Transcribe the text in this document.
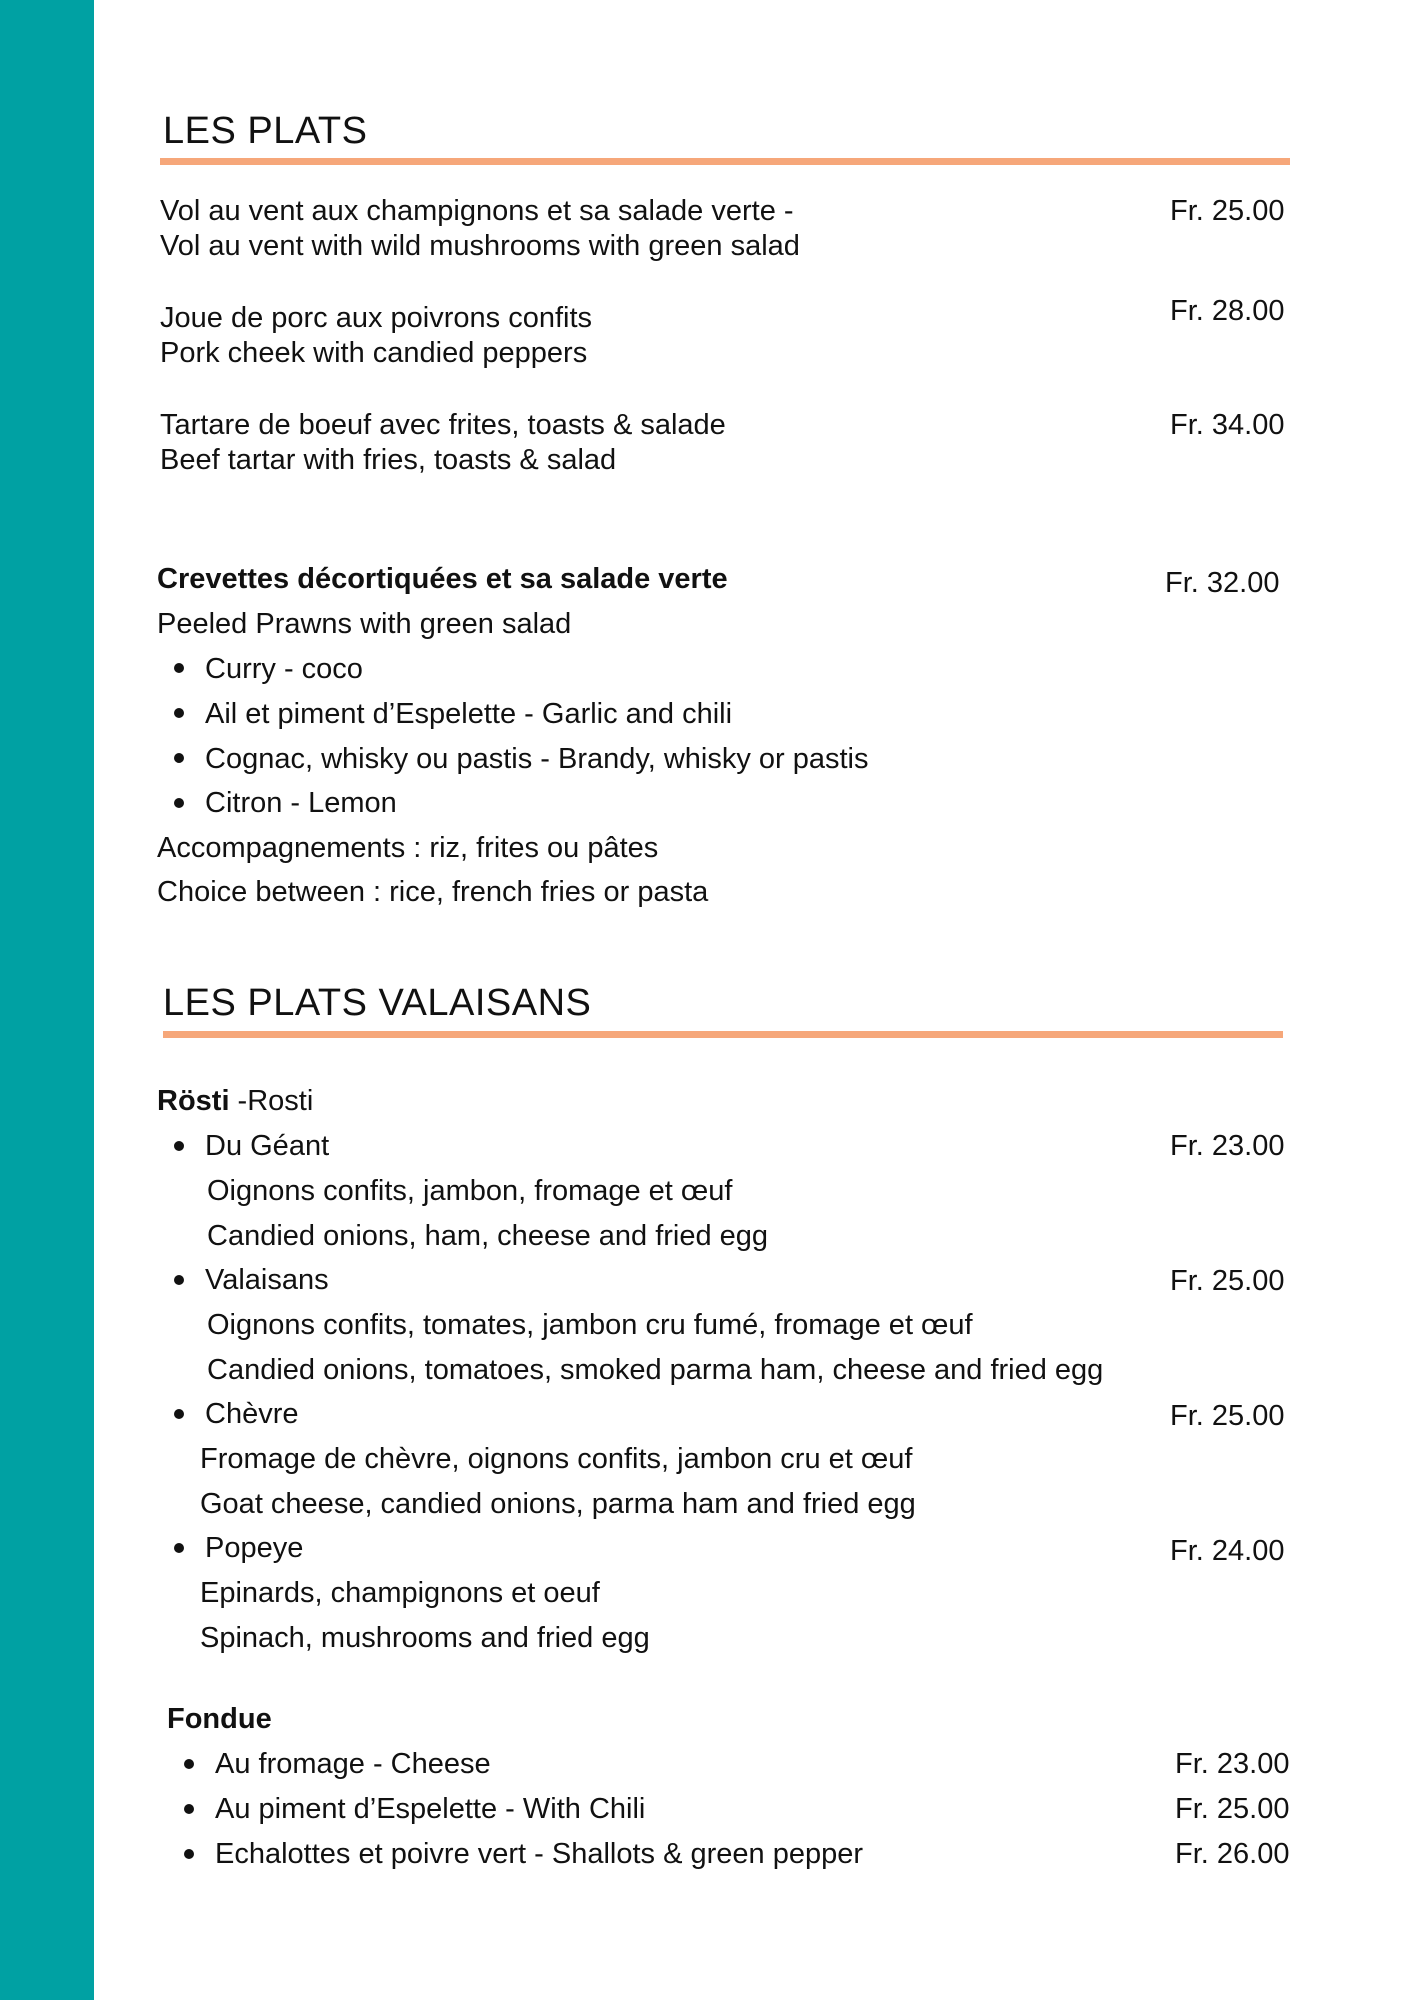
LES PLATS
Vol au vent aux champignons et sa salade verte -
Vol au vent with wild mushrooms with green salad
Fr. 25.00
Joue de porc aux poivrons confits
Pork cheek with candied peppers
Fr. 28.00
Tartare de boeuf avec frites, toasts & salade
Beef tartar with fries, toasts & salad
Fr. 34.00
Crevettes décortiquées et sa salade verte	Fr. 32.00
Peeled Prawns with green salad
Curry - coco
Ail et piment d’Espelette - Garlic and chili
Cognac, whisky ou pastis - Brandy, whisky or pastis
Citron - Lemon
Accompagnements : riz, frites ou pâtes
Choice between : rice, french fries or pasta
LES PLATS VALAISANS
Rösti -Rosti
Du Géant	Fr. 23.00
Oignons confits, jambon, fromage et œuf
Candied onions, ham, cheese and fried egg
Valaisans	Fr. 25.00
Oignons confits, tomates, jambon cru fumé, fromage et œuf
Candied onions, tomatoes, smoked parma ham, cheese and fried egg
Chèvre	Fr. 25.00
Fromage de chèvre, oignons confits, jambon cru et œuf
Goat cheese, candied onions, parma ham and fried egg
Popeye	Fr. 24.00
Epinards, champignons et oeuf
Spinach, mushrooms and fried egg
Fondue
Au fromage - Cheese	Fr. 23.00
Au piment d’Espelette - With Chili	Fr. 25.00
Echalottes et poivre vert - Shallots & green pepper	Fr. 26.00
